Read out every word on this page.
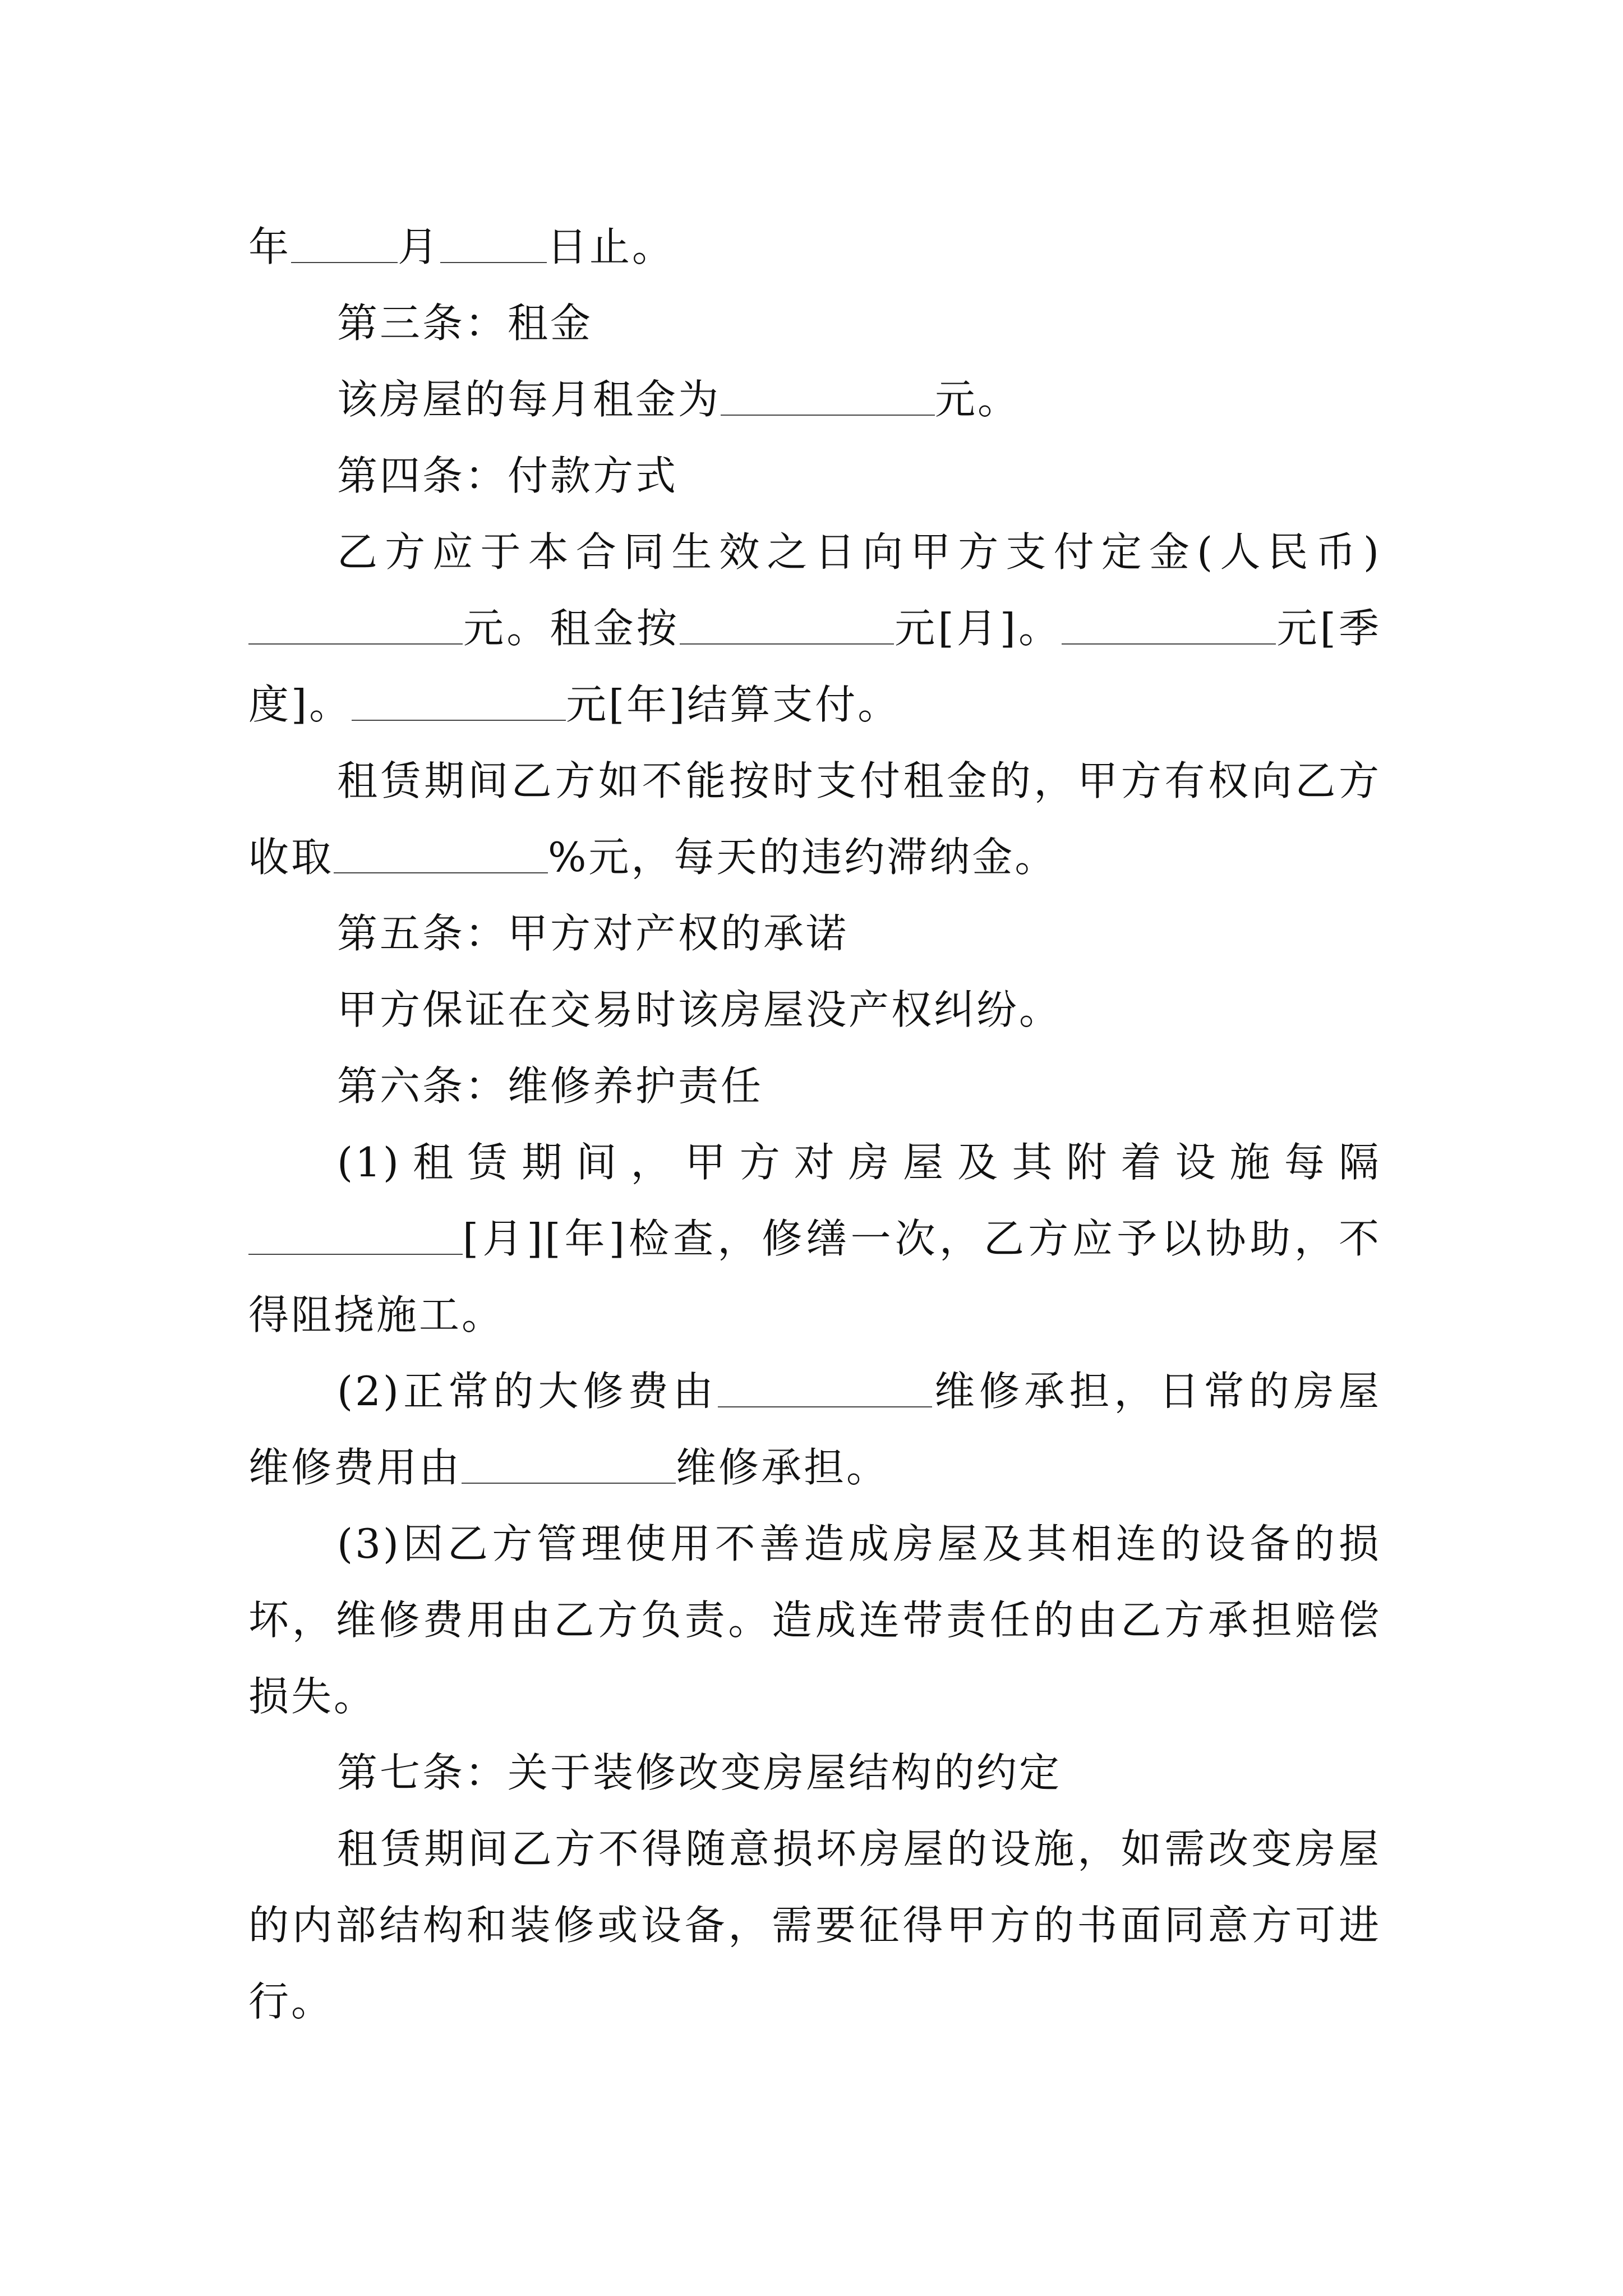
年	月	日止。

第三条：租金

该房屋的每月租金为	元。

第四条：付款方式

乙方应于本合同生效之日向甲方支付定金(人民币)元。租金按	元[月]。	元[季度]。	元[年]结算支付。

租赁期间乙方如不能按时支付租金的，甲方有权向乙方收取	%元，每天的违约滞纳金。

第五条：甲方对产权的承诺

甲方保证在交易时该房屋没产权纠纷。

第六条：维修养护责任

(1)租赁期间，甲方对房屋及其附着设施每隔[月][年]检查，修缮一次，乙方应予以协助，不得阻挠施工。

(2)正常的大修费由	维修承担，日常的房屋维修费用由	维修承担。

(3)因乙方管理使用不善造成房屋及其相连的设备的损坏，维修费用由乙方负责。造成连带责任的由乙方承担赔偿损失。

第七条：关于装修改变房屋结构的约定

租赁期间乙方不得随意损坏房屋的设施，如需改变房屋的内部结构和装修或设备，需要征得甲方的书面同意方可进行。
